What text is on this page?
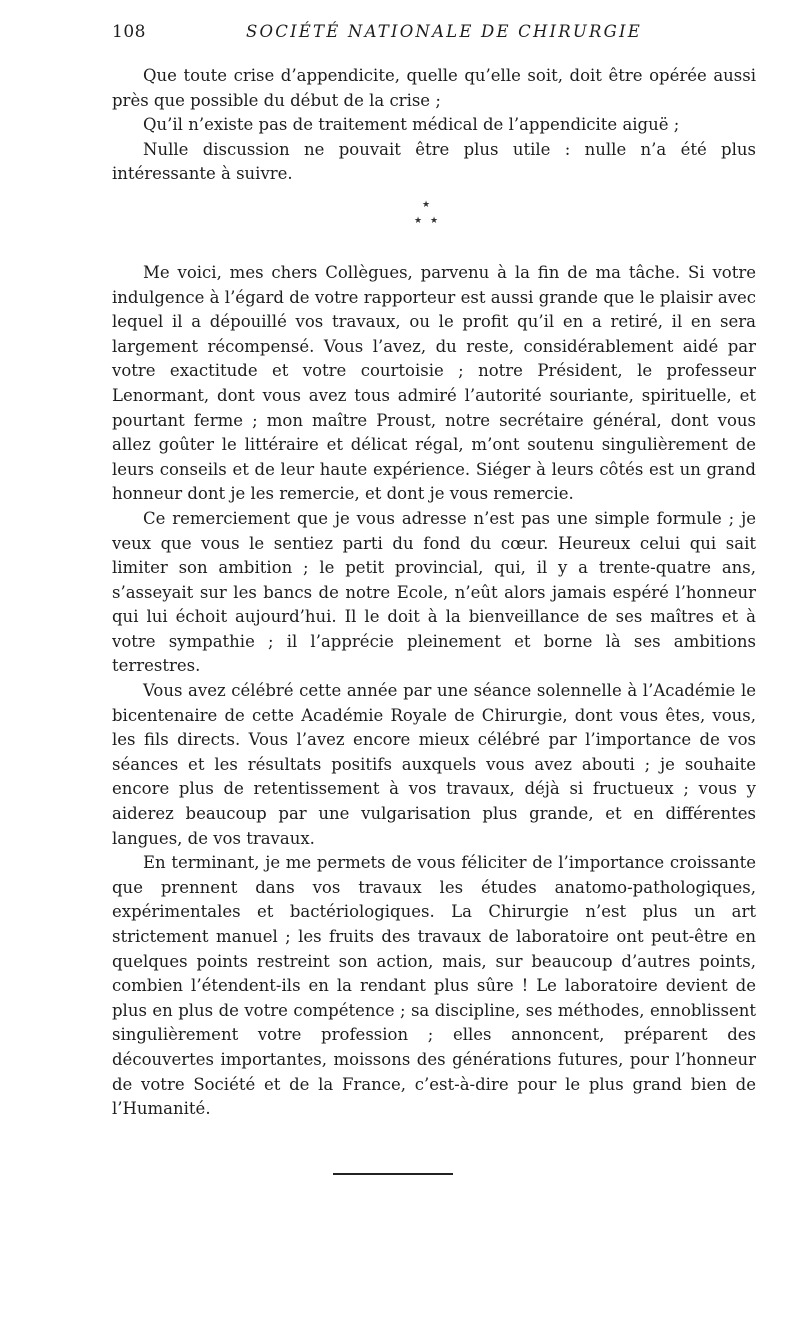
108	SOCIÉTÉ NATIONALE DE CHIRURGIE

Que toute crise d’appendicite, quelle qu’elle soit, doit être opérée aussi près que possible du début de la crise ;

Qu’il n’existe pas de traitement médical de l’appendicite aiguë ;

Nulle discussion ne pouvait être plus utile : nulle n’a été plus intéressante à suivre.

★
★ ★

Me voici, mes chers Collègues, parvenu à la fin de ma tâche. Si votre indulgence à l’égard de votre rapporteur est aussi grande que le plaisir avec lequel il a dépouillé vos travaux, ou le profit qu’il en a retiré, il en sera largement récompensé. Vous l’avez, du reste, considérablement aidé par votre exactitude et votre courtoisie ; notre Président, le professeur Lenormant, dont vous avez tous admiré l’autorité souriante, spirituelle, et pourtant ferme ; mon maître Proust, notre secrétaire général, dont vous allez goûter le littéraire et délicat régal, m’ont soutenu singulièrement de leurs conseils et de leur haute expérience. Siéger à leurs côtés est un grand honneur dont je les remercie, et dont je vous remercie.

Ce remerciement que je vous adresse n’est pas une simple formule ; je veux que vous le sentiez parti du fond du cœur. Heureux celui qui sait limiter son ambition ; le petit provincial, qui, il y a trente-quatre ans, s’asseyait sur les bancs de notre Ecole, n’eût alors jamais espéré l’honneur qui lui échoit aujourd’hui. Il le doit à la bienveillance de ses maîtres et à votre sympathie ; il l’apprécie pleinement et borne là ses ambitions terrestres.

Vous avez célébré cette année par une séance solennelle à l’Académie le bicentenaire de cette Académie Royale de Chirurgie, dont vous êtes, vous, les fils directs. Vous l’avez encore mieux célébré par l’importance de vos séances et les résultats positifs auxquels vous avez abouti ; je souhaite encore plus de retentissement à vos travaux, déjà si fructueux ; vous y aiderez beaucoup par une vulgarisation plus grande, et en différentes langues, de vos travaux.

En terminant, je me permets de vous féliciter de l’importance croissante que prennent dans vos travaux les études anatomo-pathologiques, expérimentales et bactériologiques. La Chirurgie n’est plus un art strictement manuel ; les fruits des travaux de laboratoire ont peut-être en quelques points restreint son action, mais, sur beaucoup d’autres points, combien l’étendent-ils en la rendant plus sûre ! Le laboratoire devient de plus en plus de votre compétence ; sa discipline, ses méthodes, ennoblissent singulièrement votre profession ; elles annoncent, préparent des découvertes importantes, moissons des générations futures, pour l’honneur de votre Société et de la France, c’est-à-dire pour le plus grand bien de l’Humanité.
